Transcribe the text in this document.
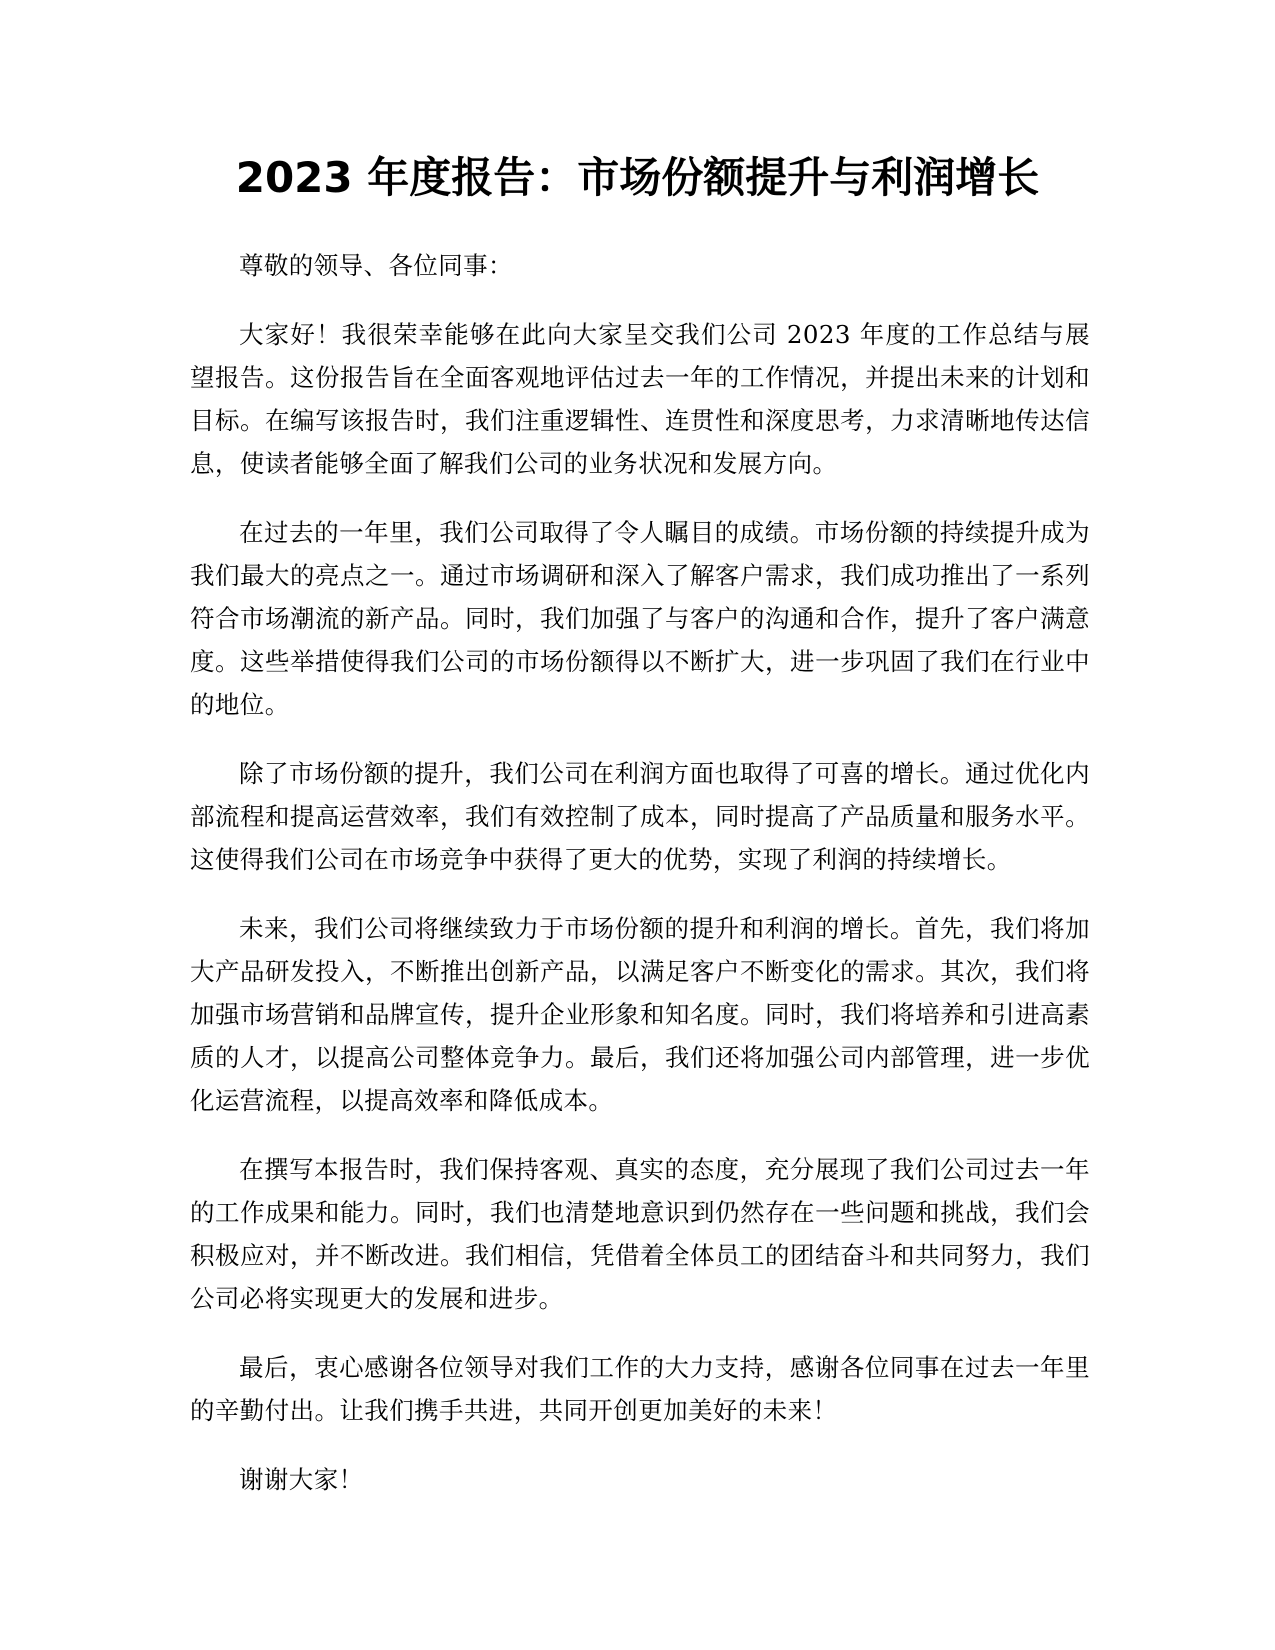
2023 年度报告：市场份额提升与利润增长

尊敬的领导、各位同事：

大家好！我很荣幸能够在此向大家呈交我们公司 2023 年度的工作总结与展望报告。这份报告旨在全面客观地评估过去一年的工作情况，并提出未来的计划和目标。在编写该报告时，我们注重逻辑性、连贯性和深度思考，力求清晰地传达信息，使读者能够全面了解我们公司的业务状况和发展方向。

在过去的一年里，我们公司取得了令人瞩目的成绩。市场份额的持续提升成为我们最大的亮点之一。通过市场调研和深入了解客户需求，我们成功推出了一系列符合市场潮流的新产品。同时，我们加强了与客户的沟通和合作，提升了客户满意度。这些举措使得我们公司的市场份额得以不断扩大，进一步巩固了我们在行业中的地位。

除了市场份额的提升，我们公司在利润方面也取得了可喜的增长。通过优化内部流程和提高运营效率，我们有效控制了成本，同时提高了产品质量和服务水平。这使得我们公司在市场竞争中获得了更大的优势，实现了利润的持续增长。

未来，我们公司将继续致力于市场份额的提升和利润的增长。首先，我们将加大产品研发投入，不断推出创新产品，以满足客户不断变化的需求。其次，我们将加强市场营销和品牌宣传，提升企业形象和知名度。同时，我们将培养和引进高素质的人才，以提高公司整体竞争力。最后，我们还将加强公司内部管理，进一步优化运营流程，以提高效率和降低成本。

在撰写本报告时，我们保持客观、真实的态度，充分展现了我们公司过去一年的工作成果和能力。同时，我们也清楚地意识到仍然存在一些问题和挑战，我们会积极应对，并不断改进。我们相信，凭借着全体员工的团结奋斗和共同努力，我们公司必将实现更大的发展和进步。

最后，衷心感谢各位领导对我们工作的大力支持，感谢各位同事在过去一年里的辛勤付出。让我们携手共进，共同开创更加美好的未来！

谢谢大家！
